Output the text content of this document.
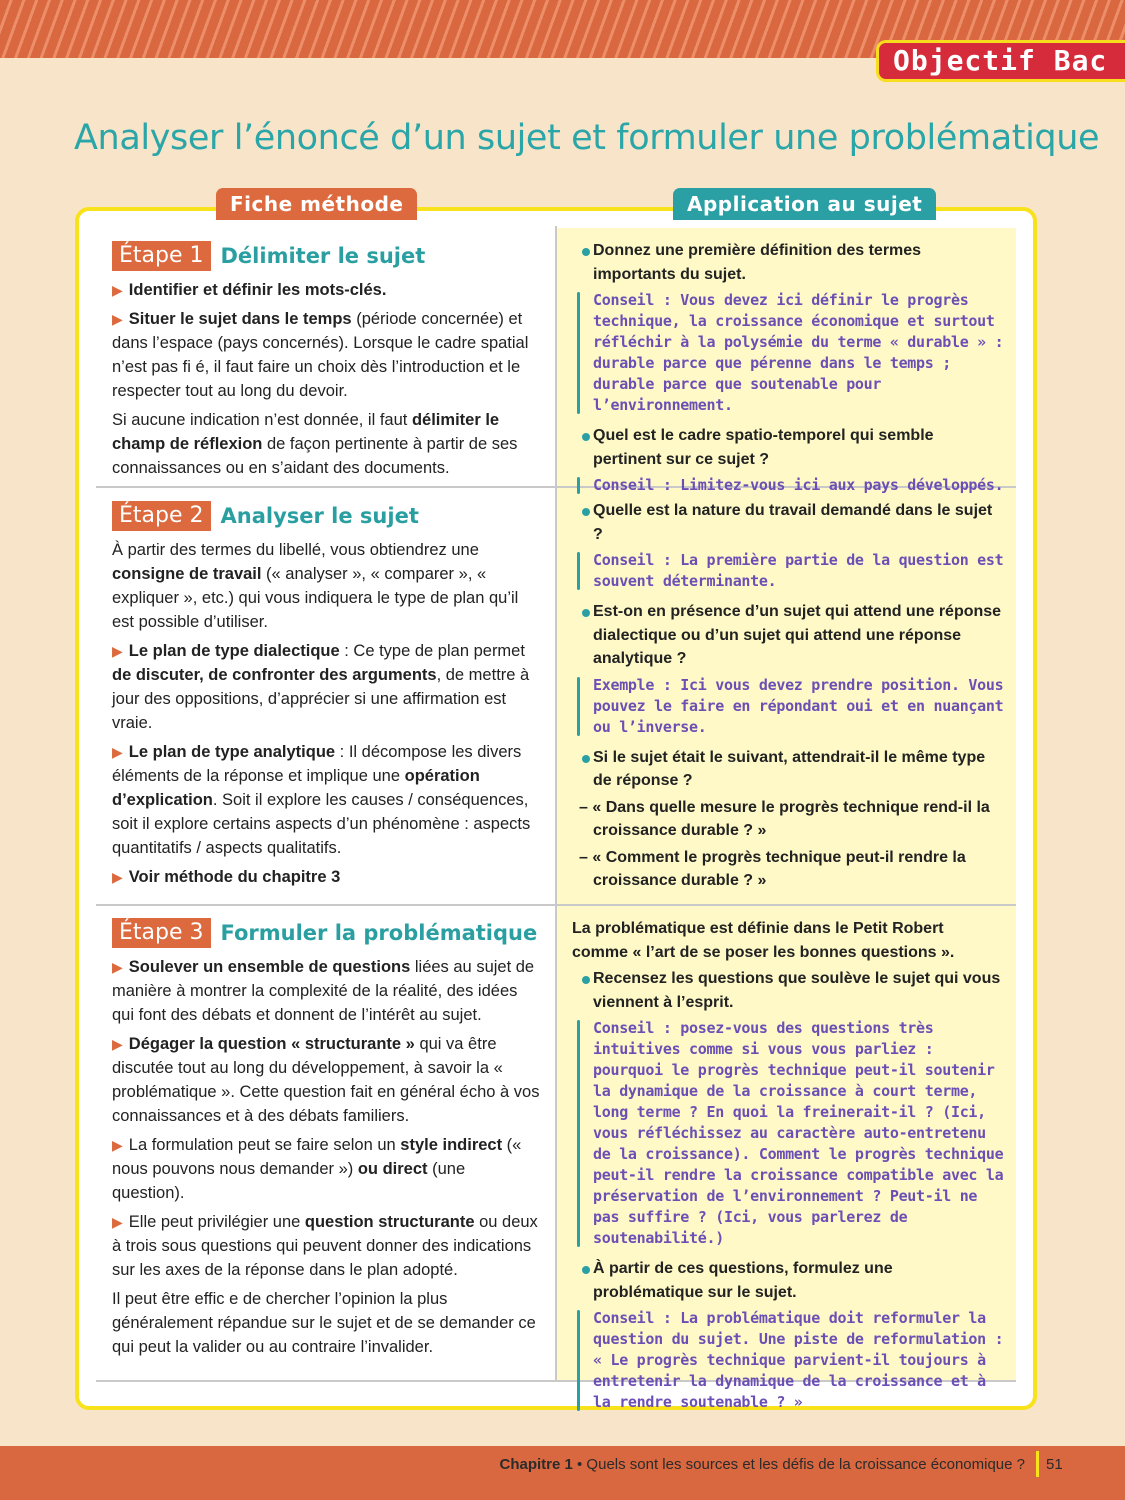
Objectif Bac
Analyser l’énoncé d’un sujet et formuler une problématique
Fiche méthode	Application au sujet
Étape 1 Délimiter le sujet
▶ Identifier et définir les mots-clés.
▶ Situer le sujet dans le temps (période concernée) et dans l’espace (pays concernés). Lorsque le cadre spatial n’est pas fi é, il faut faire un choix dès l’introduction et le respecter tout au long du devoir.
Si aucune indication n’est donnée, il faut délimiter le champ de réflexion de façon pertinente à partir de ses connaissances ou en s’aidant des documents.
Étape 2 Analyser le sujet
À partir des termes du libellé, vous obtiendrez une consigne de travail (« analyser », « comparer », « expliquer », etc.) qui vous indiquera le type de plan qu’il est possible d’utiliser.
▶ Le plan de type dialectique : Ce type de plan permet de discuter, de confronter des arguments, de mettre à jour des oppositions, d’apprécier si une affirmation est vraie.
▶ Le plan de type analytique : Il décompose les divers éléments de la réponse et implique une opération d’explication. Soit il explore les causes / conséquences, soit il explore certains aspects d’un phénomène : aspects quantitatifs / aspects qualitatifs.
▶ Voir méthode du chapitre 3
Étape 3 Formuler la problématique
▶ Soulever un ensemble de questions liées au sujet de manière à montrer la complexité de la réalité, des idées qui font des débats et donnent de l’intérêt au sujet.
▶ Dégager la question « structurante » qui va être discutée tout au long du développement, à savoir la « problématique ». Cette question fait en général écho à vos connaissances et à des débats familiers.
▶ La formulation peut se faire selon un style indirect (« nous pouvons nous demander ») ou direct (une question).
▶ Elle peut privilégier une question structurante ou deux à trois sous questions qui peuvent donner des indications sur les axes de la réponse dans le plan adopté.
Il peut être effic e de chercher l’opinion la plus généralement répandue sur le sujet et de se demander ce qui peut la valider ou au contraire l’invalider.
Donnez une première définition des termes importants du sujet.
Conseil : Vous devez ici définir le progrès technique, la croissance économique et surtout réfléchir à la polysémie du terme « durable » : durable parce que pérenne dans le temps ; durable parce que soutenable pour l’environnement.
Quel est le cadre spatio-temporel qui semble pertinent sur ce sujet ?
Conseil : Limitez-vous ici aux pays développés.
Quelle est la nature du travail demandé dans le sujet ?
Conseil : La première partie de la question est souvent déterminante.
Est-on en présence d’un sujet qui attend une réponse dialectique ou d’un sujet qui attend une réponse analytique ?
Exemple : Ici vous devez prendre position. Vous pouvez le faire en répondant oui et en nuançant ou l’inverse.
Si le sujet était le suivant, attendrait-il le même type de réponse ?
– « Dans quelle mesure le progrès technique rend-il la croissance durable ? »
– « Comment le progrès technique peut-il rendre la croissance durable ? »
La problématique est définie dans le Petit Robert comme « l’art de se poser les bonnes questions ».
Recensez les questions que soulève le sujet qui vous viennent à l’esprit.
Conseil : posez-vous des questions très intuitives comme si vous vous parliez : pourquoi le progrès technique peut-il soutenir la dynamique de la croissance à court terme, long terme ? En quoi la freinerait-il ? (Ici, vous réfléchissez au caractère auto-entretenu de la croissance). Comment le progrès technique peut-il rendre la croissance compatible avec la préservation de l’environnement ? Peut-il ne pas suffire ? (Ici, vous parlerez de soutenabilité.)
À partir de ces questions, formulez une problématique sur le sujet.
Conseil : La problématique doit reformuler la question du sujet. Une piste de reformulation : « Le progrès technique parvient-il toujours à entretenir la dynamique de la croissance et à la rendre soutenable ? »
Chapitre 1 • Quels sont les sources et les défis de la croissance économique ? 51
